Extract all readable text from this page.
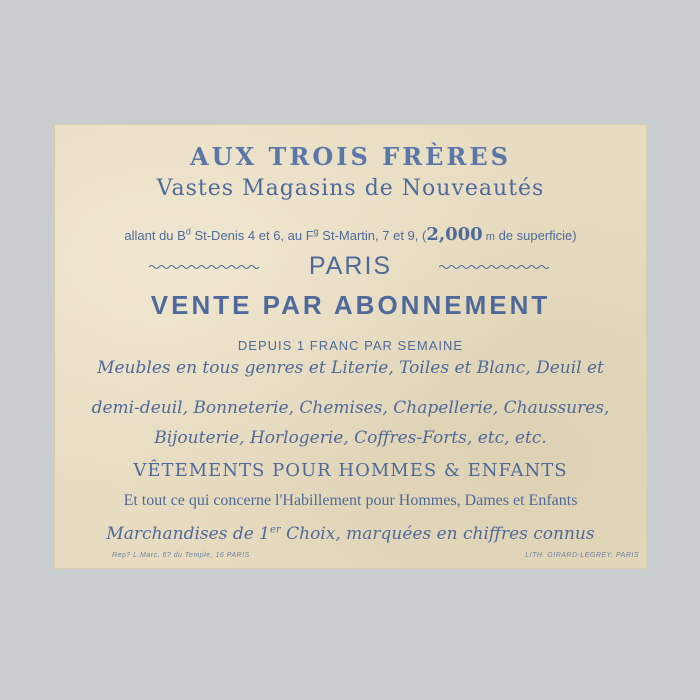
AUX TROIS FRÈRES
Vastes Magasins de Nouveautés
allant du $B^d$ St-Denis 4 et 6, au $F^g$ St-Martin, 7 et 9, (2,000 m de superficie)
PARIS
VENTE PAR ABONNEMENT
DEPUIS 1 FRANC PAR SEMAINE
Meubles en tous genres et Literie, Toiles et Blanc, Deuil et
demi-deuil, Bonneterie, Chemises, Chapellerie, Chaussures,
Bijouterie, Horlogerie, Coffres-Forts, etc, etc.
VÊTEMENTS POUR HOMMES & ENFANTS
Et tout ce qui concerne l'Habillement pour Hommes, Dames et Enfants
Marchandises de 1er Choix, marquées en chiffres connus
Rep? L.Marc, 6? du Temple, 16 PARIS	LITH. GIRARD-LEGREY. PARIS
